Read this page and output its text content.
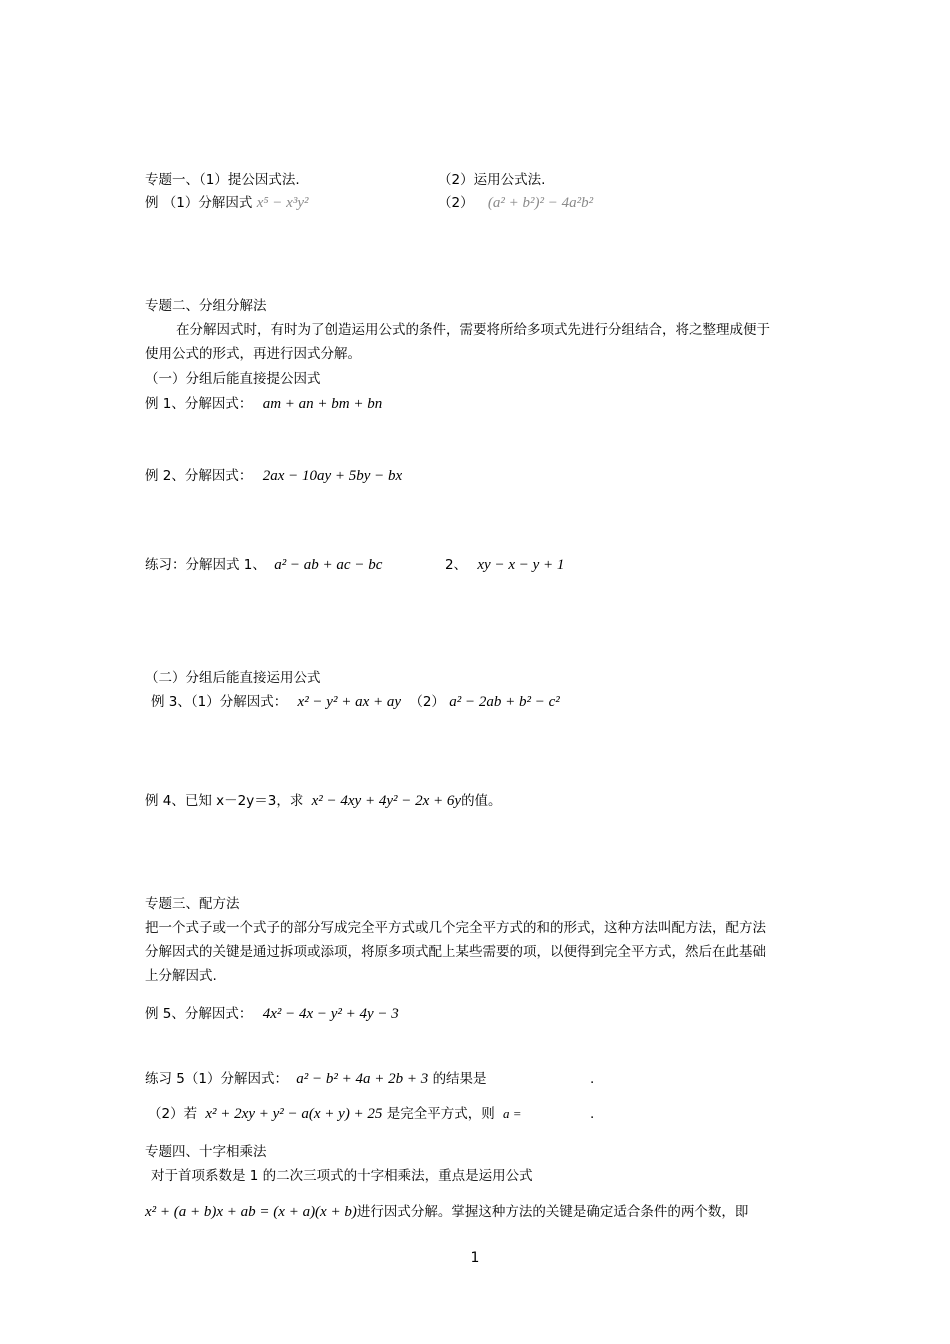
专题一、（1）提公因式法.	（2）运用公式法.
例 （1）分解因式 x⁵ − x³y²	（2） (a² + b²)² − 4a²b²
专题二、分组分解法
在分解因式时，有时为了创造运用公式的条件，需要将所给多项式先进行分组结合，将之整理成便于
使用公式的形式，再进行因式分解。
（一）分组后能直接提公因式
例 1、分解因式： am + an + bm + bn
例 2、分解因式： 2ax − 10ay + 5by − bx
练习：分解因式 1、 a² − ab + ac − bc	2、 xy − x − y + 1
（二）分组后能直接运用公式
例 3、（1）分解因式： x² − y² + ax + ay （2） a² − 2ab + b² − c²
例 4、已知 x－2y＝3，求 x² − 4xy + 4y² − 2x + 6y的值。
专题三、配方法
把一个式子或一个式子的部分写成完全平方式或几个完全平方式的和的形式，这种方法叫配方法，配方法
分解因式的关键是通过拆项或添项，将原多项式配上某些需要的项，以便得到完全平方式，然后在此基础
上分解因式.
例 5、分解因式： 4x² − 4x − y² + 4y − 3
练习 5（1）分解因式： a² − b² + 4a + 2b + 3 的结果是	.
（2）若 x² + 2xy + y² − a(x + y) + 25 是完全平方式，则 a =	.
专题四、十字相乘法
对于首项系数是 1 的二次三项式的十字相乘法，重点是运用公式
x² + (a + b)x + ab = (x + a)(x + b)进行因式分解。掌握这种方法的关键是确定适合条件的两个数，即
1
